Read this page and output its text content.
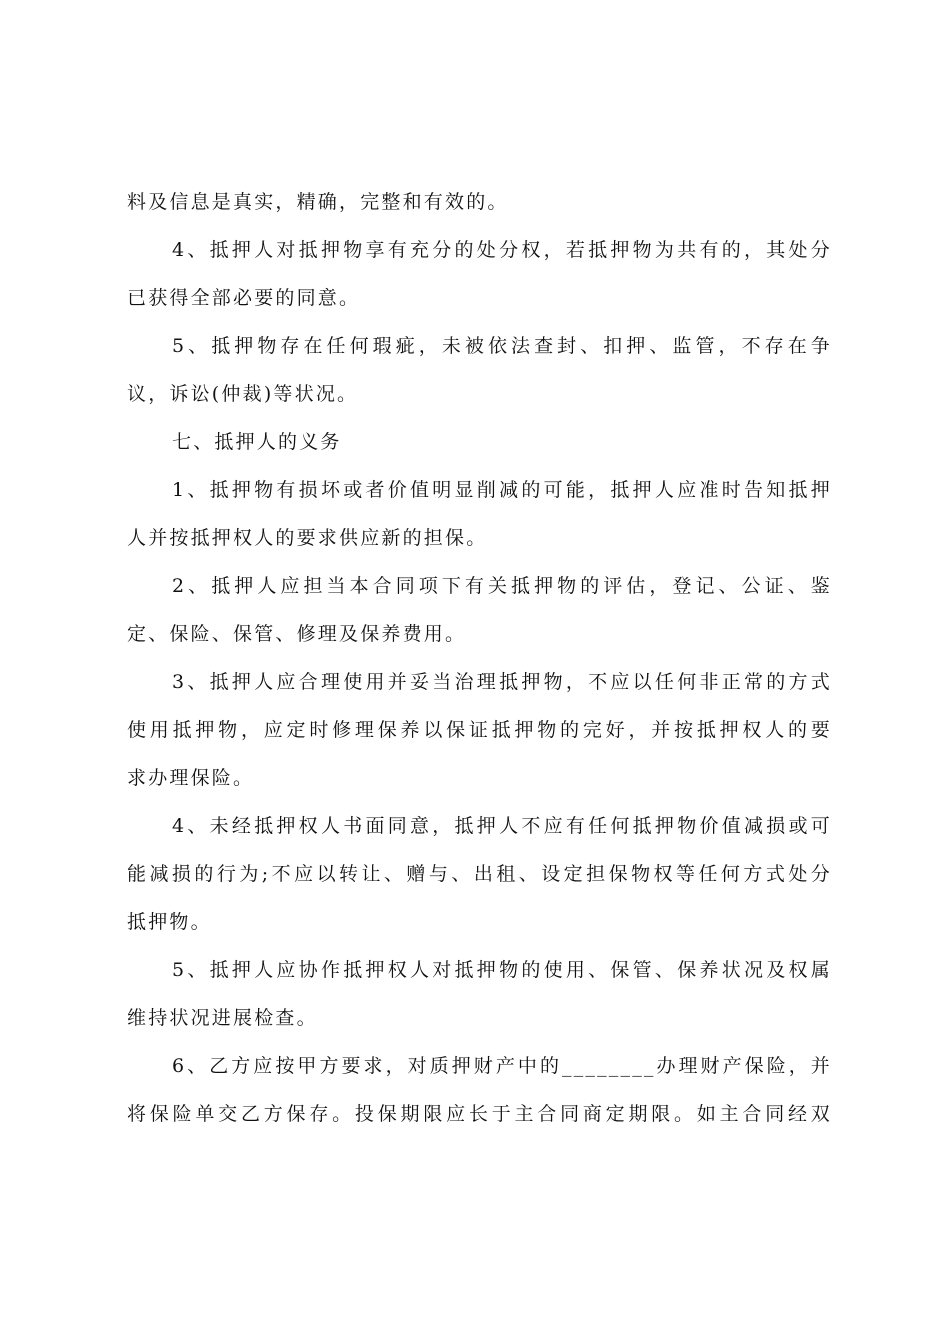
料及信息是真实，精确，完整和有效的。
4、抵押人对抵押物享有充分的处分权，若抵押物为共有的，其处分
已获得全部必要的同意。
5、抵押物存在任何瑕疵，未被依法查封、扣押、监管，不存在争
议，诉讼(仲裁)等状况。
七、抵押人的义务
1、抵押物有损坏或者价值明显削减的可能，抵押人应准时告知抵押
人并按抵押权人的要求供应新的担保。
2、抵押人应担当本合同项下有关抵押物的评估，登记、公证、鉴
定、保险、保管、修理及保养费用。
3、抵押人应合理使用并妥当治理抵押物，不应以任何非正常的方式
使用抵押物，应定时修理保养以保证抵押物的完好，并按抵押权人的要
求办理保险。
4、未经抵押权人书面同意，抵押人不应有任何抵押物价值减损或可
能减损的行为;不应以转让、赠与、出租、设定担保物权等任何方式处分
抵押物。
5、抵押人应协作抵押权人对抵押物的使用、保管、保养状况及权属
维持状况进展检查。
6、乙方应按甲方要求，对质押财产中的________办理财产保险，并
将保险单交乙方保存。投保期限应长于主合同商定期限。如主合同经双
